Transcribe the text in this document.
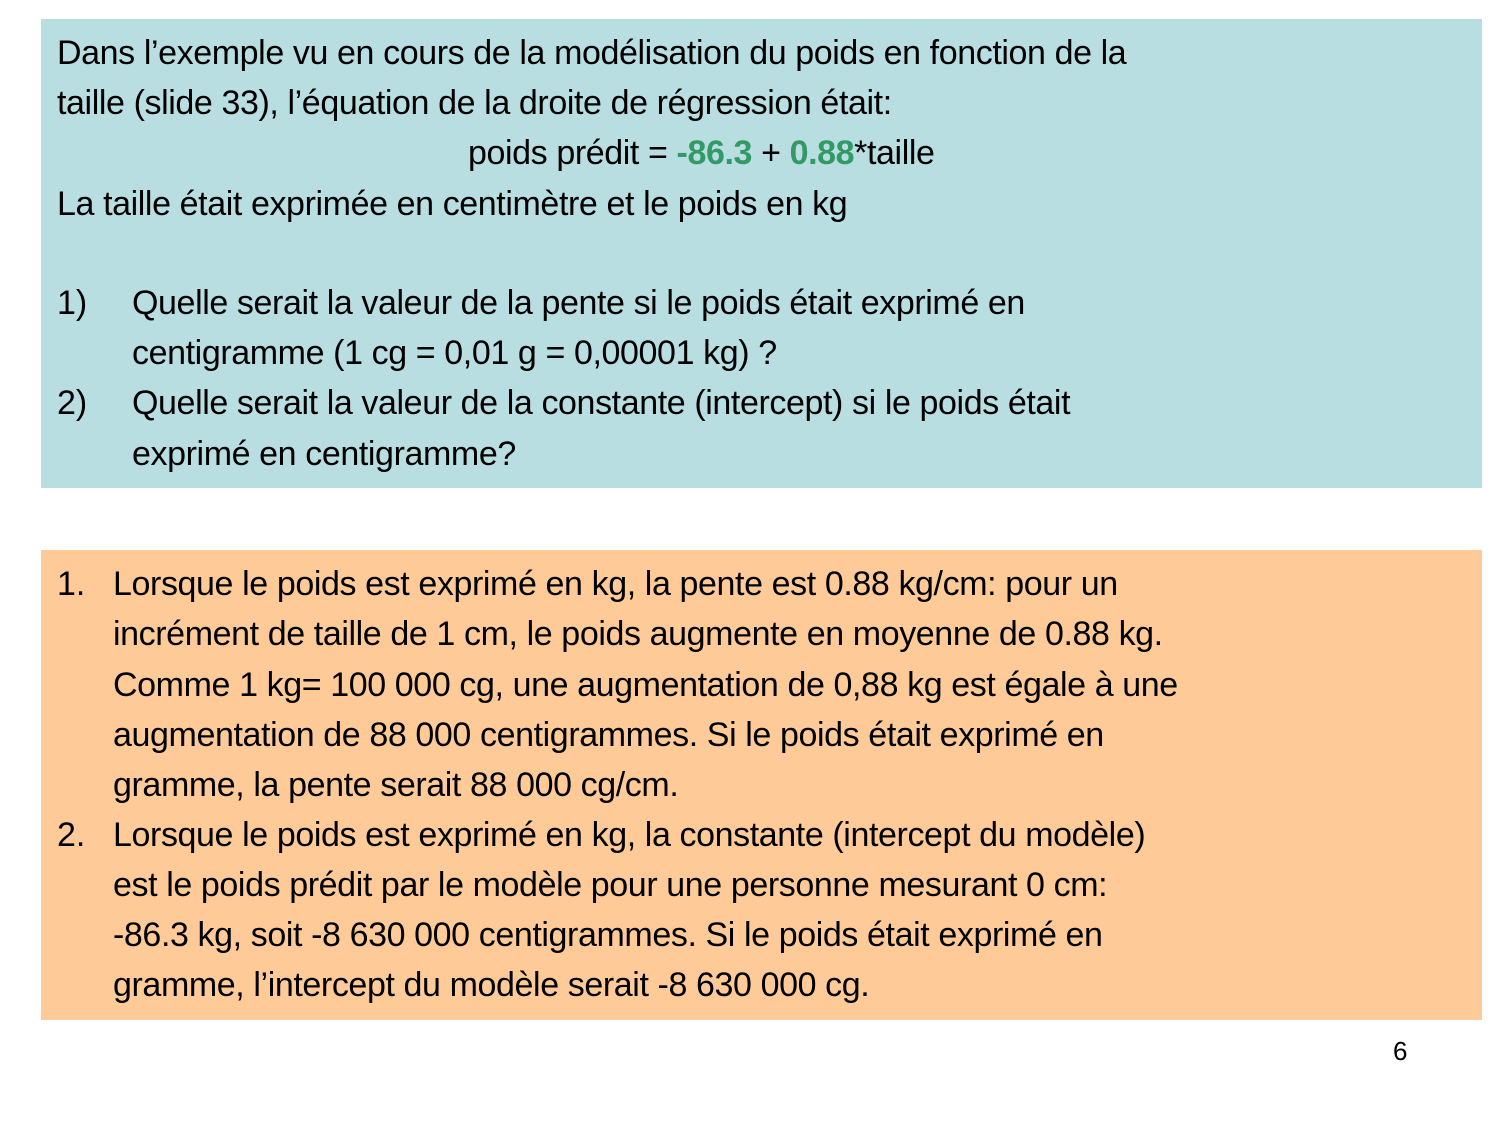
Dans l’exemple vu en cours de la modélisation du poids en fonction de la
taille (slide 33), l’équation de la droite de régression était:
poids prédit = -86.3 + 0.88*taille
La taille était exprimée en centimètre et le poids en kg
1) Quelle serait la valeur de la pente si le poids était exprimé en
centigramme (1 cg = 0,01 g = 0,00001 kg) ?
2) Quelle serait la valeur de la constante (intercept) si le poids était
exprimé en centigramme?
1. Lorsque le poids est exprimé en kg, la pente est 0.88 kg/cm: pour un
incrément de taille de 1 cm, le poids augmente en moyenne de 0.88 kg.
Comme 1 kg= 100 000 cg, une augmentation de 0,88 kg est égale à une
augmentation de 88 000 centigrammes. Si le poids était exprimé en
gramme, la pente serait 88 000 cg/cm.
2. Lorsque le poids est exprimé en kg, la constante (intercept du modèle)
est le poids prédit par le modèle pour une personne mesurant 0 cm:
-86.3 kg, soit -8 630 000 centigrammes. Si le poids était exprimé en
gramme, l’intercept du modèle serait -8 630 000 cg.
6
